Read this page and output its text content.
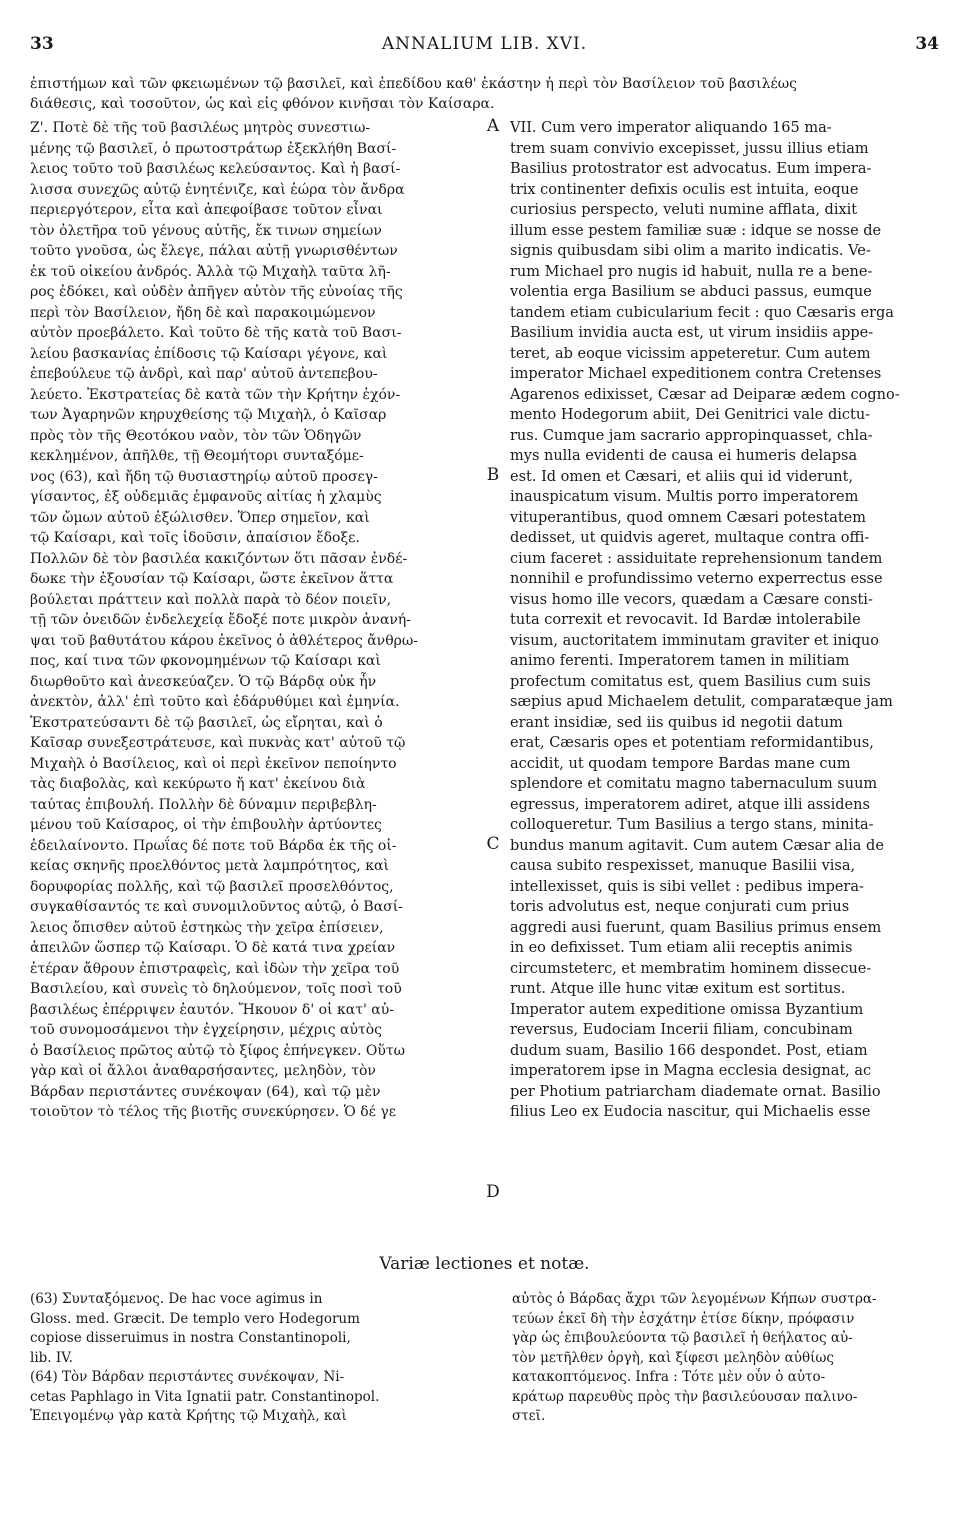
33	ANNALIUM LIB. XVI.	34
ἐπιστήμων καὶ τῶν φκειωμένων τῷ βασιλεῖ, καὶ ἐπεδίδου καθ' ἑκάστην ἡ περὶ τὸν Βασίλειον τοῦ βασιλέως
διάθεσις, καὶ τοσοῦτον, ὡς καὶ εἰς φθόνον κινῆσαι τὸν Καίσαρα.
Ζ'. Ποτὲ δὲ τῆς τοῦ βασιλέως μητρὸς συνεστιω-
μένης τῷ βασιλεῖ, ὁ πρωτοστράτωρ ἐξεκλήθη Βασί-
λειος τοῦτο τοῦ βασιλέως κελεύσαντος. Καὶ ἡ βασί-
λισσα συνεχῶς αὐτῷ ἐνητένιζε, καὶ ἑώρα τὸν ἄνδρα
περιεργότερον, εἶτα καὶ ἀπεφοίβασε τοῦτον εἶναι
τὸν ὀλετῆρα τοῦ γένους αὐτῆς, ἔκ τινων σημείων
τοῦτο γνοῦσα, ὡς ἔλεγε, πάλαι αὐτῇ γνωρισθέντων
ἐκ τοῦ οἰκείου ἀνδρός. Ἀλλὰ τῷ Μιχαὴλ ταῦτα λῆ-
ρος ἐδόκει, καὶ οὐδὲν ἀπῆγεν αὐτὸν τῆς εὐνοίας τῆς
περὶ τὸν Βασίλειον, ἤδη δὲ καὶ παρακοιμώμενον
αὐτὸν προεβάλετο. Καὶ τοῦτο δὲ τῆς κατὰ τοῦ Βασι-
λείου βασκανίας ἐπίδοσις τῷ Καίσαρι γέγονε, καὶ
ἐπεβούλευε τῷ ἀνδρὶ, καὶ παρ' αὐτοῦ ἀντεπεβου-
λεύετο. Ἐκστρατείας δὲ κατὰ τῶν τὴν Κρήτην ἐχόν-
των Ἀγαρηνῶν κηρυχθείσης τῷ Μιχαὴλ, ὁ Καῖσαρ
πρὸς τὸν τῆς Θεοτόκου ναὸν, τὸν τῶν Ὁδηγῶν
κεκλημένον, ἀπῆλθε, τῇ Θεομήτορι συνταξόμε-
νος (63), καὶ ἤδη τῷ θυσιαστηρίῳ αὐτοῦ προσεγ-
γίσαντος, ἐξ οὐδεμιᾶς ἐμφανοῦς αἰτίας ἡ χλαμὺς
τῶν ὤμων αὐτοῦ ἐξώλισθεν. Ὅπερ σημεῖον, καὶ
τῷ Καίσαρι, καὶ τοῖς ἰδοῦσιν, ἀπαίσιον ἔδοξε.
Πολλῶν δὲ τὸν βασιλέα κακιζόντων ὅτι πᾶσαν ἐνδέ-
δωκε τὴν ἐξουσίαν τῷ Καίσαρι, ὥστε ἐκεῖνον ἅττα
βούλεται πράττειν καὶ πολλὰ παρὰ τὸ δέον ποιεῖν,
τῇ τῶν ὀνειδῶν ἐνδελεχείᾳ ἔδοξέ ποτε μικρὸν ἀνανή-
ψαι τοῦ βαθυτάτου κάρου ἐκεῖνος ὁ ἀθλέτερος ἄνθρω-
πος, καί τινα τῶν φκονομημένων τῷ Καίσαρι καὶ
διωρθοῦτο καὶ ἀνεσκεύαζεν. Ὁ τῷ Βάρδᾳ οὐκ ἦν
ἀνεκτὸν, ἀλλ' ἐπὶ τοῦτο καὶ ἐδάρυθύμει καὶ ἐμηνία.
Ἐκστρατεύσαντι δὲ τῷ βασιλεῖ, ὡς εἴρηται, καὶ ὁ
Καῖσαρ συνεξεστράτευσε, καὶ πυκνὰς κατ' αὐτοῦ τῷ
Μιχαὴλ ὁ Βασίλειος, καὶ οἱ περὶ ἐκεῖνον πεποίηντο
τὰς διαβολὰς, καὶ κεκύρωτο ἤ κατ' ἐκείνου διὰ
ταύτας ἐπιβουλή. Πολλὴν δὲ δύναμιν περιβεβλη-
μένου τοῦ Καίσαρος, οἱ τὴν ἐπιβουλὴν ἀρτύοντες
ἐδειλαίνοντο. Πρωΐας δέ ποτε τοῦ Βάρδα ἐκ τῆς οἰ-
κείας σκηνῆς προελθόντος μετὰ λαμπρότητος, καὶ
δορυφορίας πολλῆς, καὶ τῷ βασιλεῖ προσελθόντος,
συγκαθίσαντός τε καὶ συνομιλοῦντος αὐτῷ, ὁ Βασί-
λειος ὄπισθεν αὐτοῦ ἑστηκὼς τὴν χεῖρα ἐπίσειεν,
ἀπειλῶν ὥσπερ τῷ Καίσαρι. Ὁ δὲ κατά τινα χρείαν
ἑτέραν ἄθρουν ἐπιστραφεὶς, καὶ ἰδὼν τὴν χεῖρα τοῦ
Βασιλείου, καὶ συνεὶς τὸ δηλούμενον, τοῖς ποσὶ τοῦ
βασιλέως ἐπέρριψεν ἑαυτόν. Ἤκουον δ' οἱ κατ' αὐ-
τοῦ συνομοσάμενοι τὴν ἐγχείρησιν, μέχρις αὐτὸς
ὁ Βασίλειος πρῶτος αὐτῷ τὸ ξίφος ἐπήνεγκεν. Οὕτω
γὰρ καὶ οἱ ἄλλοι ἀναθαρσήσαντες, μεληδὸν, τὸν
Βάρδαν περιστάντες συνέκοψαν (64), καὶ τῷ μὲν
τοιοῦτον τὸ τέλος τῆς βιοτῆς συνεκύρησεν. Ὁ δέ γε
A
B
C
D
VII. Cum vero imperator aliquando 165 ma-
trem suam convivio excepisset, jussu illius etiam
Basilius protostrator est advocatus. Eum impera-
trix continenter defixis oculis est intuita, eoque
curiosius perspecto, veluti numine afflata, dixit
illum esse pestem familiæ suæ : idque se nosse de
signis quibusdam sibi olim a marito indicatis. Ve-
rum Michael pro nugis id habuit, nulla re a bene-
volentia erga Basilium se abduci passus, eumque
tandem etiam cubicularium fecit : quo Cæsaris erga
Basilium invidia aucta est, ut virum insidiis appe-
teret, ab eoque vicissim appeteretur. Cum autem
imperator Michael expeditionem contra Cretenses
Agarenos edixisset, Cæsar ad Deiparæ ædem cogno-
mento Hodegorum abiit, Dei Genitrici vale dictu-
rus. Cumque jam sacrario appropinquasset, chla-
mys nulla evidenti de causa ei humeris delapsa
est. Id omen et Cæsari, et aliis qui id viderunt,
inauspicatum visum. Multis porro imperatorem
vituperantibus, quod omnem Cæsari potestatem
dedisset, ut quidvis ageret, multaque contra offi-
cium faceret : assiduitate reprehensionum tandem
nonnihil e profundissimo veterno experrectus esse
visus homo ille vecors, quædam a Cæsare consti-
tuta correxit et revocavit. Id Bardæ intolerabile
visum, auctoritatem imminutam graviter et iniquo
animo ferenti. Imperatorem tamen in militiam
profectum comitatus est, quem Basilius cum suis
sæpius apud Michaelem detulit, comparatæque jam
erant insidiæ, sed iis quibus id negotii datum
erat, Cæsaris opes et potentiam reformidantibus,
accidit, ut quodam tempore Bardas mane cum
splendore et comitatu magno tabernaculum suum
egressus, imperatorem adiret, atque illi assidens
colloqueretur. Tum Basilius a tergo stans, minita-
bundus manum agitavit. Cum autem Cæsar alia de
causa subito respexisset, manuque Basilii visa,
intellexisset, quis is sibi vellet : pedibus impera-
toris advolutus est, neque conjurati cum prius
aggredi ausi fuerunt, quam Basilius primus ensem
in eo defixisset. Tum etiam alii receptis animis
circumsteterc, et membratim hominem dissecue-
runt. Atque ille hunc vitæ exitum est sortitus.
Imperator autem expeditione omissa Byzantium
reversus, Eudociam Incerii filiam, concubinam
dudum suam, Basilio 166 despondet. Post, etiam
imperatorem ipse in Magna ecclesia designat, ac
per Photium patriarcham diademate ornat. Basilio
filius Leo ex Eudocia nascitur, qui Michaelis esse
Variæ lectiones et notæ.
(63) Συνταξόμενος. De hac voce agimus in
Gloss. med. Græcit. De templo vero Hodegorum
copiose disseruimus in nostra Constantinopoli,
lib. IV.
(64) Τὸν Βάρδαν περιστάντες συνέκοψαν, Ni-
cetas Paphlago in Vita Ignatii patr. Constantinopol.
Ἐπειγομένῳ γὰρ κατὰ Κρήτης τῷ Μιχαὴλ, καὶ
αὐτὸς ὁ Βάρδας ἄχρι τῶν λεγομένων Κήπων συστρα-
τεύων ἐκεῖ δὴ τὴν ἐσχάτην ἐτίσε δίκην, πρόφασιν
γὰρ ὡς ἐπιβουλεύοντα τῷ βασιλεῖ ἡ θεήλατος αὐ-
τὸν μετῆλθεν ὀργὴ, καὶ ξίφεσι μεληδὸν αὐθίως
κατακοπτόμενος. Infra : Τότε μὲν οὖν ὁ αὐτο-
κράτωρ παρευθὺς πρὸς τὴν βασιλεύουσαν παλινο-
στεῖ.
